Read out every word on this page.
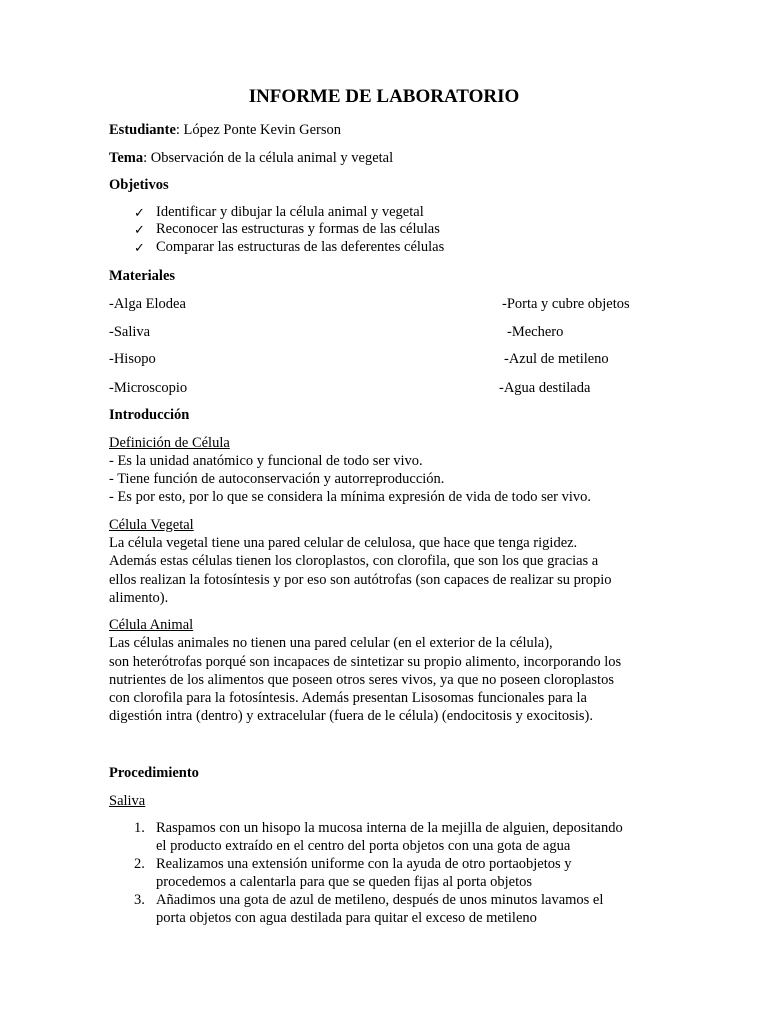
INFORME DE LABORATORIO
Estudiante: López Ponte Kevin Gerson
Tema: Observación de la célula animal y vegetal
Objetivos
✓ Identificar y dibujar la célula animal y vegetal
✓ Reconocer las estructuras y formas de las células
✓ Comparar las estructuras de las deferentes células
Materiales
-Alga Elodea	-Porta y cubre objetos
-Saliva	-Mechero
-Hisopo	-Azul de metileno
-Microscopio	-Agua destilada
Introducción
Definición de Célula
- Es la unidad anatómico y funcional de todo ser vivo.
- Tiene función de autoconservación y autorreproducción.
- Es por esto, por lo que se considera la mínima expresión de vida de todo ser vivo.
Célula Vegetal
La célula vegetal tiene una pared celular de celulosa, que hace que tenga rigidez.
Además estas células tienen los cloroplastos, con clorofila, que son los que gracias a
ellos realizan la fotosíntesis y por eso son autótrofas (son capaces de realizar su propio
alimento).
Célula Animal
Las células animales no tienen una pared celular (en el exterior de la célula),
son heterótrofas porqué son incapaces de sintetizar su propio alimento, incorporando los
nutrientes de los alimentos que poseen otros seres vivos, ya que no poseen cloroplastos
con clorofila para la fotosíntesis. Además presentan Lisosomas funcionales para la
digestión intra (dentro) y extracelular (fuera de le célula) (endocitosis y exocitosis).
Procedimiento
Saliva
1. Raspamos con un hisopo la mucosa interna de la mejilla de alguien, depositando
el producto extraído en el centro del porta objetos con una gota de agua
2. Realizamos una extensión uniforme con la ayuda de otro portaobjetos y
procedemos a calentarla para que se queden fijas al porta objetos
3. Añadimos una gota de azul de metileno, después de unos minutos lavamos el
porta objetos con agua destilada para quitar el exceso de metileno
